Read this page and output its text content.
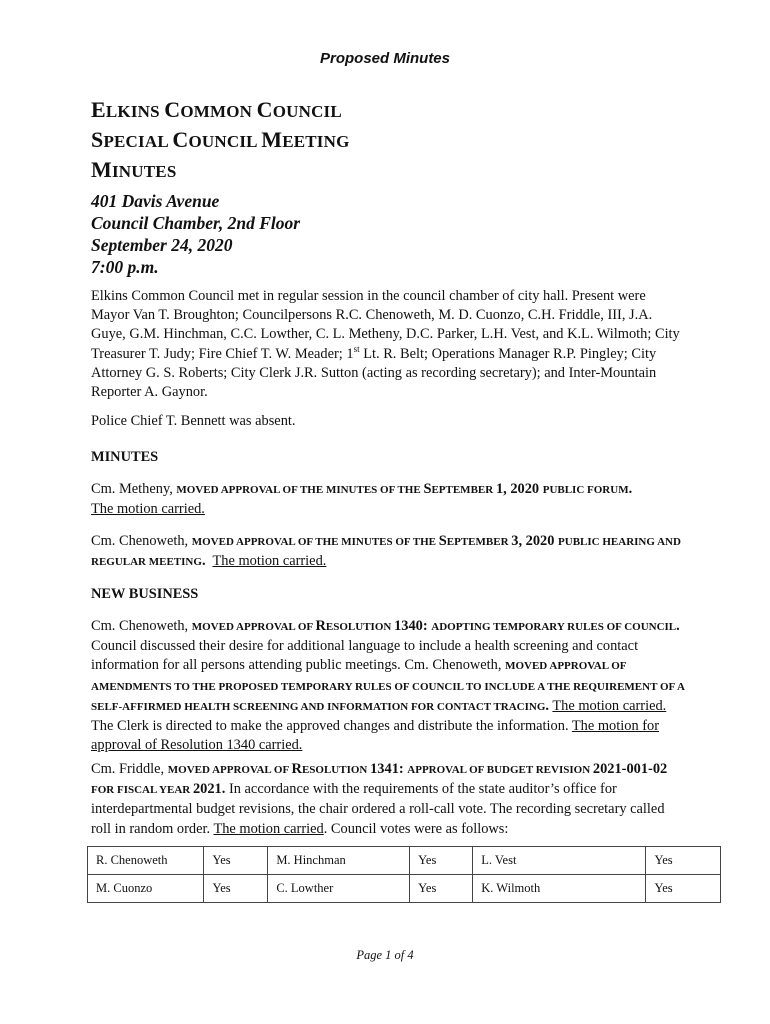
Proposed Minutes
ELKINS COMMON COUNCIL
SPECIAL COUNCIL MEETING
MINUTES
401 Davis Avenue
Council Chamber, 2nd Floor
September 24, 2020
7:00 p.m.
Elkins Common Council met in regular session in the council chamber of city hall. Present were Mayor Van T. Broughton; Councilpersons R.C. Chenoweth, M. D. Cuonzo, C.H. Friddle, III, J.A. Guye, G.M. Hinchman, C.C. Lowther, C. L. Metheny, D.C. Parker, L.H. Vest, and K.L. Wilmoth; City Treasurer T. Judy; Fire Chief T. W. Meader; 1st Lt. R. Belt; Operations Manager R.P. Pingley; City Attorney G. S. Roberts; City Clerk J.R. Sutton (acting as recording secretary); and Inter-Mountain Reporter A. Gaynor.
Police Chief T. Bennett was absent.
MINUTES
Cm. Metheny, MOVED APPROVAL OF THE MINUTES OF THE SEPTEMBER 1, 2020 PUBLIC FORUM.
The motion carried.
Cm. Chenoweth, MOVED APPROVAL OF THE MINUTES OF THE SEPTEMBER 3, 2020 PUBLIC HEARING AND REGULAR MEETING. The motion carried.
NEW BUSINESS
Cm. Chenoweth, MOVED APPROVAL OF RESOLUTION 1340: ADOPTING TEMPORARY RULES OF COUNCIL. Council discussed their desire for additional language to include a health screening and contact information for all persons attending public meetings. Cm. Chenoweth, MOVED APPROVAL OF AMENDMENTS TO THE PROPOSED TEMPORARY RULES OF COUNCIL TO INCLUDE A THE REQUIREMENT OF A SELF-AFFIRMED HEALTH SCREENING AND INFORMATION FOR CONTACT TRACING. The motion carried. The Clerk is directed to make the approved changes and distribute the information. The motion for approval of Resolution 1340 carried.
Cm. Friddle, MOVED APPROVAL OF RESOLUTION 1341: APPROVAL OF BUDGET REVISION 2021-001-02 FOR FISCAL YEAR 2021. In accordance with the requirements of the state auditor’s office for interdepartmental budget revisions, the chair ordered a roll-call vote. The recording secretary called roll in random order. The motion carried. Council votes were as follows:
R. Chenoweth	Yes	M. Hinchman	Yes	L. Vest	Yes
M. Cuonzo	Yes	C. Lowther	Yes	K. Wilmoth	Yes
Page 1 of 4
